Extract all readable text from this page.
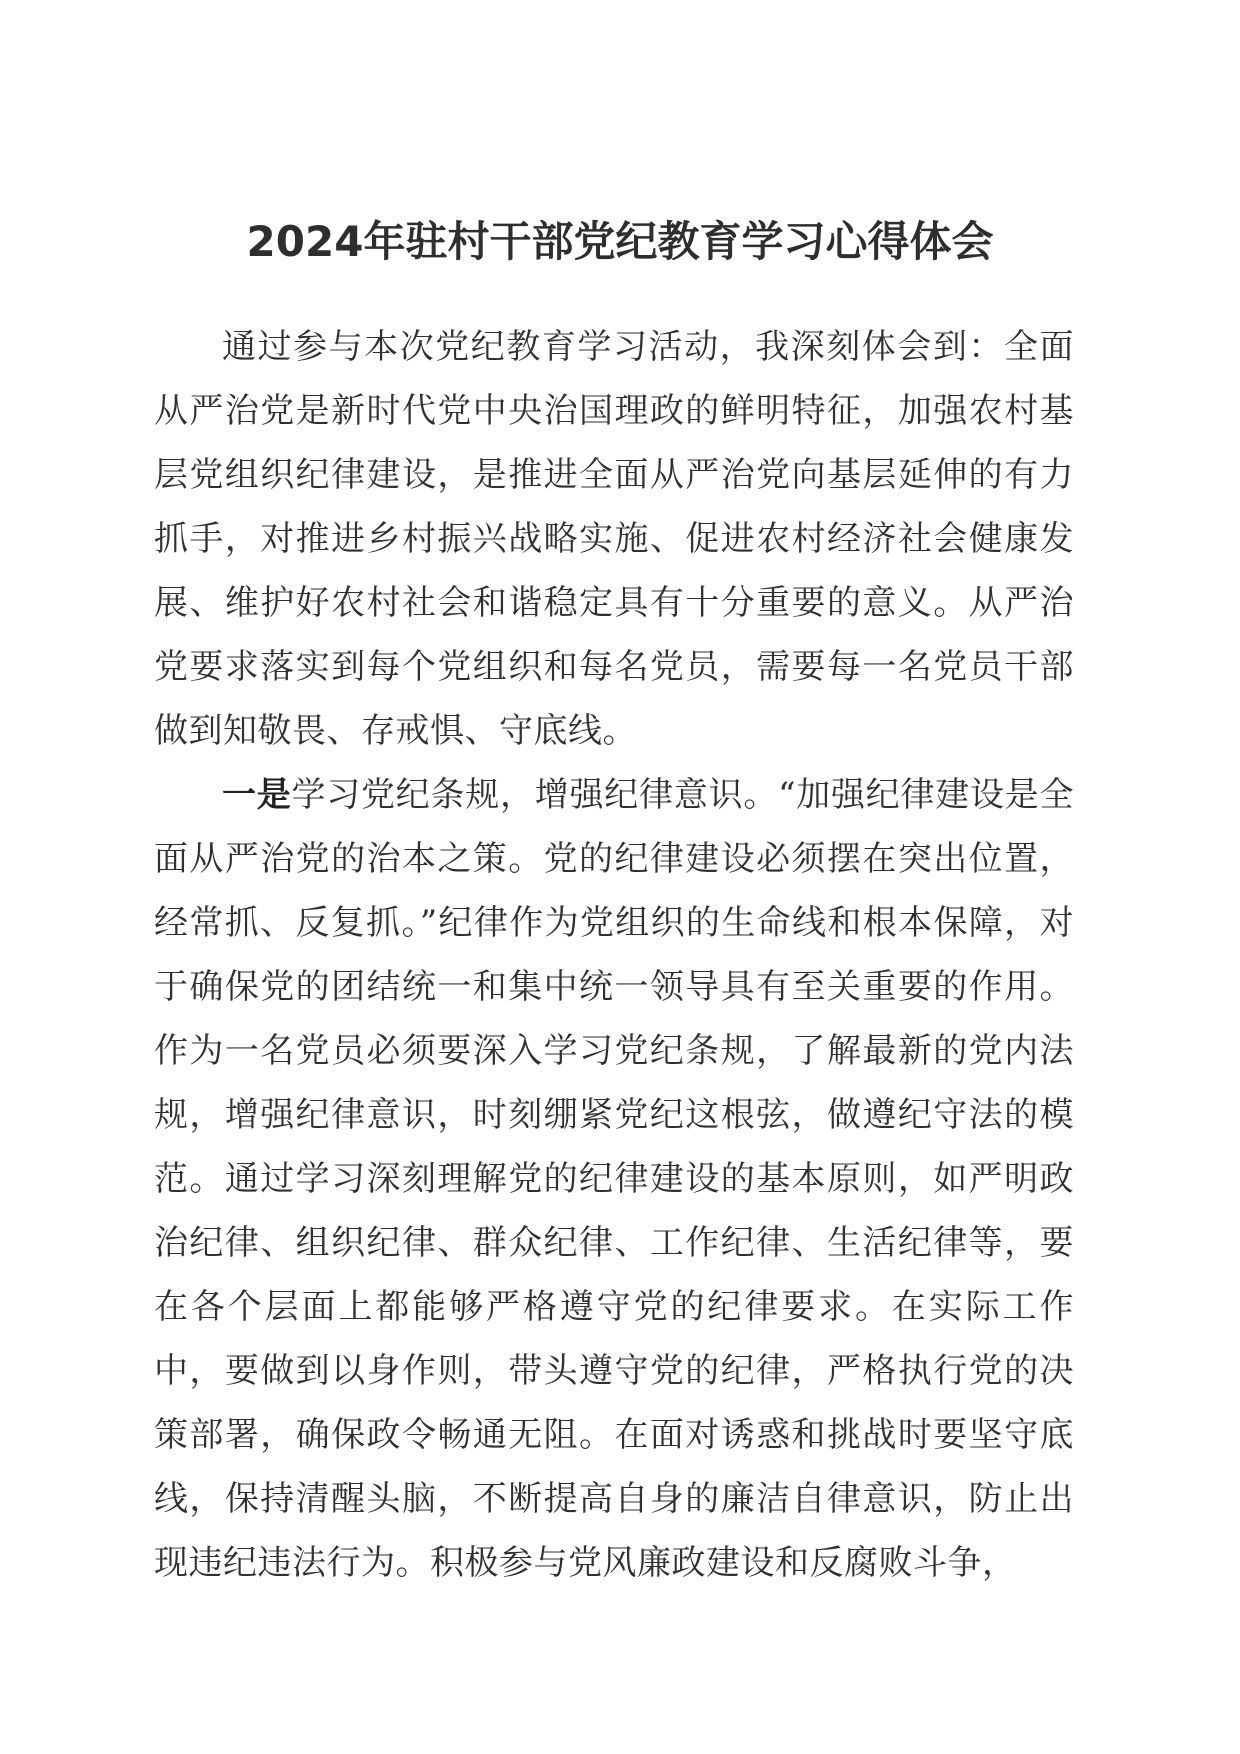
2024年驻村干部党纪教育学习心得体会

通过参与本次党纪教育学习活动，我深刻体会到：全面从严治党是新时代党中央治国理政的鲜明特征，加强农村基层党组织纪律建设，是推进全面从严治党向基层延伸的有力抓手，对推进乡村振兴战略实施、促进农村经济社会健康发展、维护好农村社会和谐稳定具有十分重要的意义。从严治党要求落实到每个党组织和每名党员，需要每一名党员干部做到知敬畏、存戒惧、守底线。

一是学习党纪条规，增强纪律意识。“加强纪律建设是全面从严治党的治本之策。党的纪律建设必须摆在突出位置，经常抓、反复抓。”纪律作为党组织的生命线和根本保障，对于确保党的团结统一和集中统一领导具有至关重要的作用。作为一名党员必须要深入学习党纪条规，了解最新的党内法规，增强纪律意识，时刻绷紧党纪这根弦，做遵纪守法的模范。通过学习深刻理解党的纪律建设的基本原则，如严明政治纪律、组织纪律、群众纪律、工作纪律、生活纪律等，要在各个层面上都能够严格遵守党的纪律要求。在实际工作中，要做到以身作则，带头遵守党的纪律，严格执行党的决策部署，确保政令畅通无阻。在面对诱惑和挑战时要坚守底线，保持清醒头脑，不断提高自身的廉洁自律意识，防止出现违纪违法行为。积极参与党风廉政建设和反腐败斗争，
